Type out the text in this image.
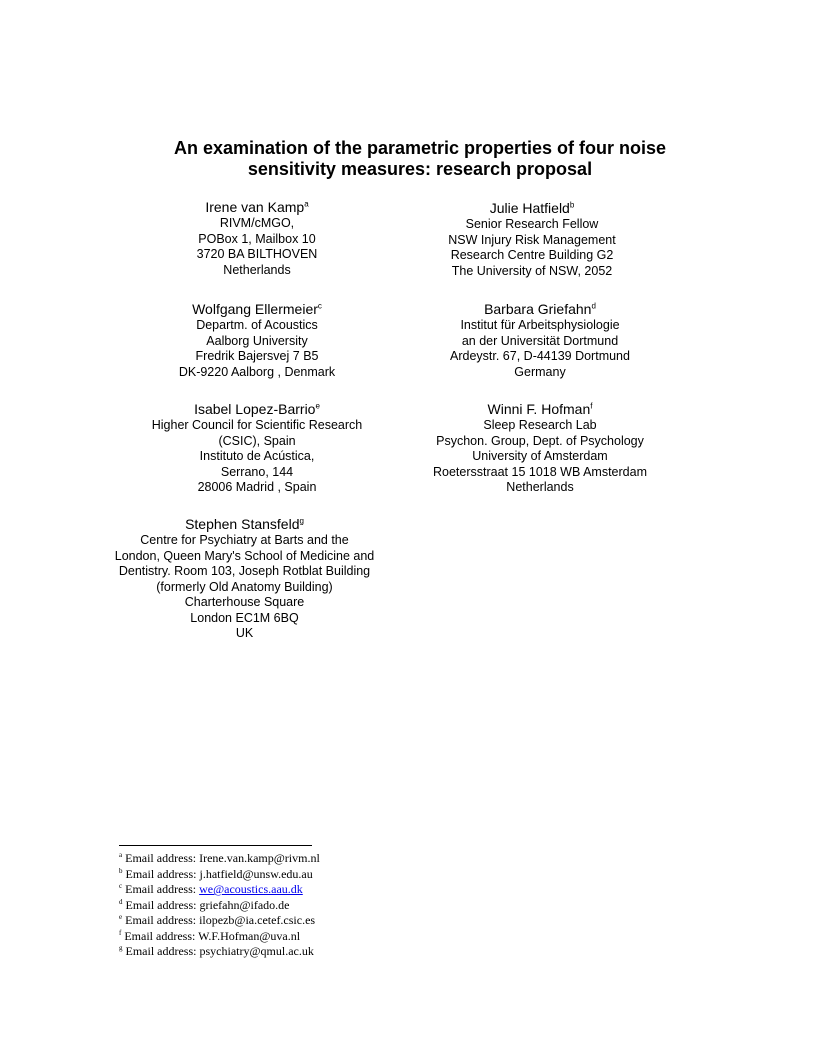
An examination of the parametric properties of four noise
sensitivity measures: research proposal
Irene van Kamp$^a$
RIVM/cMGO,
POBox 1, Mailbox 10
3720 BA BILTHOVEN
Netherlands
Julie Hatfield$^b$
Senior Research Fellow
NSW Injury Risk Management
Research Centre Building G2
The University of NSW, 2052
Wolfgang Ellermeier$^c$
Departm. of Acoustics
Aalborg University
Fredrik Bajersvej 7 B5
DK-9220 Aalborg , Denmark
Barbara Griefahn$^d$
Institut für Arbeitsphysiologie
an der Universität Dortmund
Ardeystr. 67, D-44139 Dortmund
Germany
Isabel Lopez-Barrio$^e$
Higher Council for Scientific Research
(CSIC), Spain
Instituto de Acústica,
Serrano, 144
28006 Madrid , Spain
Winni F. Hofman$^f$
Sleep Research Lab
Psychon. Group, Dept. of Psychology
University of Amsterdam
Roetersstraat 15 1018 WB Amsterdam
Netherlands
Stephen Stansfeld$^g$
Centre for Psychiatry at Barts and the
London, Queen Mary's School of Medicine and
Dentistry. Room 103, Joseph Rotblat Building
(formerly Old Anatomy Building)
Charterhouse Square
London EC1M 6BQ
UK
$^a$ Email address: Irene.van.kamp@rivm.nl
$^b$ Email address: j.hatfield@unsw.edu.au
$^c$ Email address: we@acoustics.aau.dk
$^d$ Email address: griefahn@ifado.de
$^e$ Email address: ilopezb@ia.cetef.csic.es
$^f$ Email address: W.F.Hofman@uva.nl
$^g$ Email address: psychiatry@qmul.ac.uk
